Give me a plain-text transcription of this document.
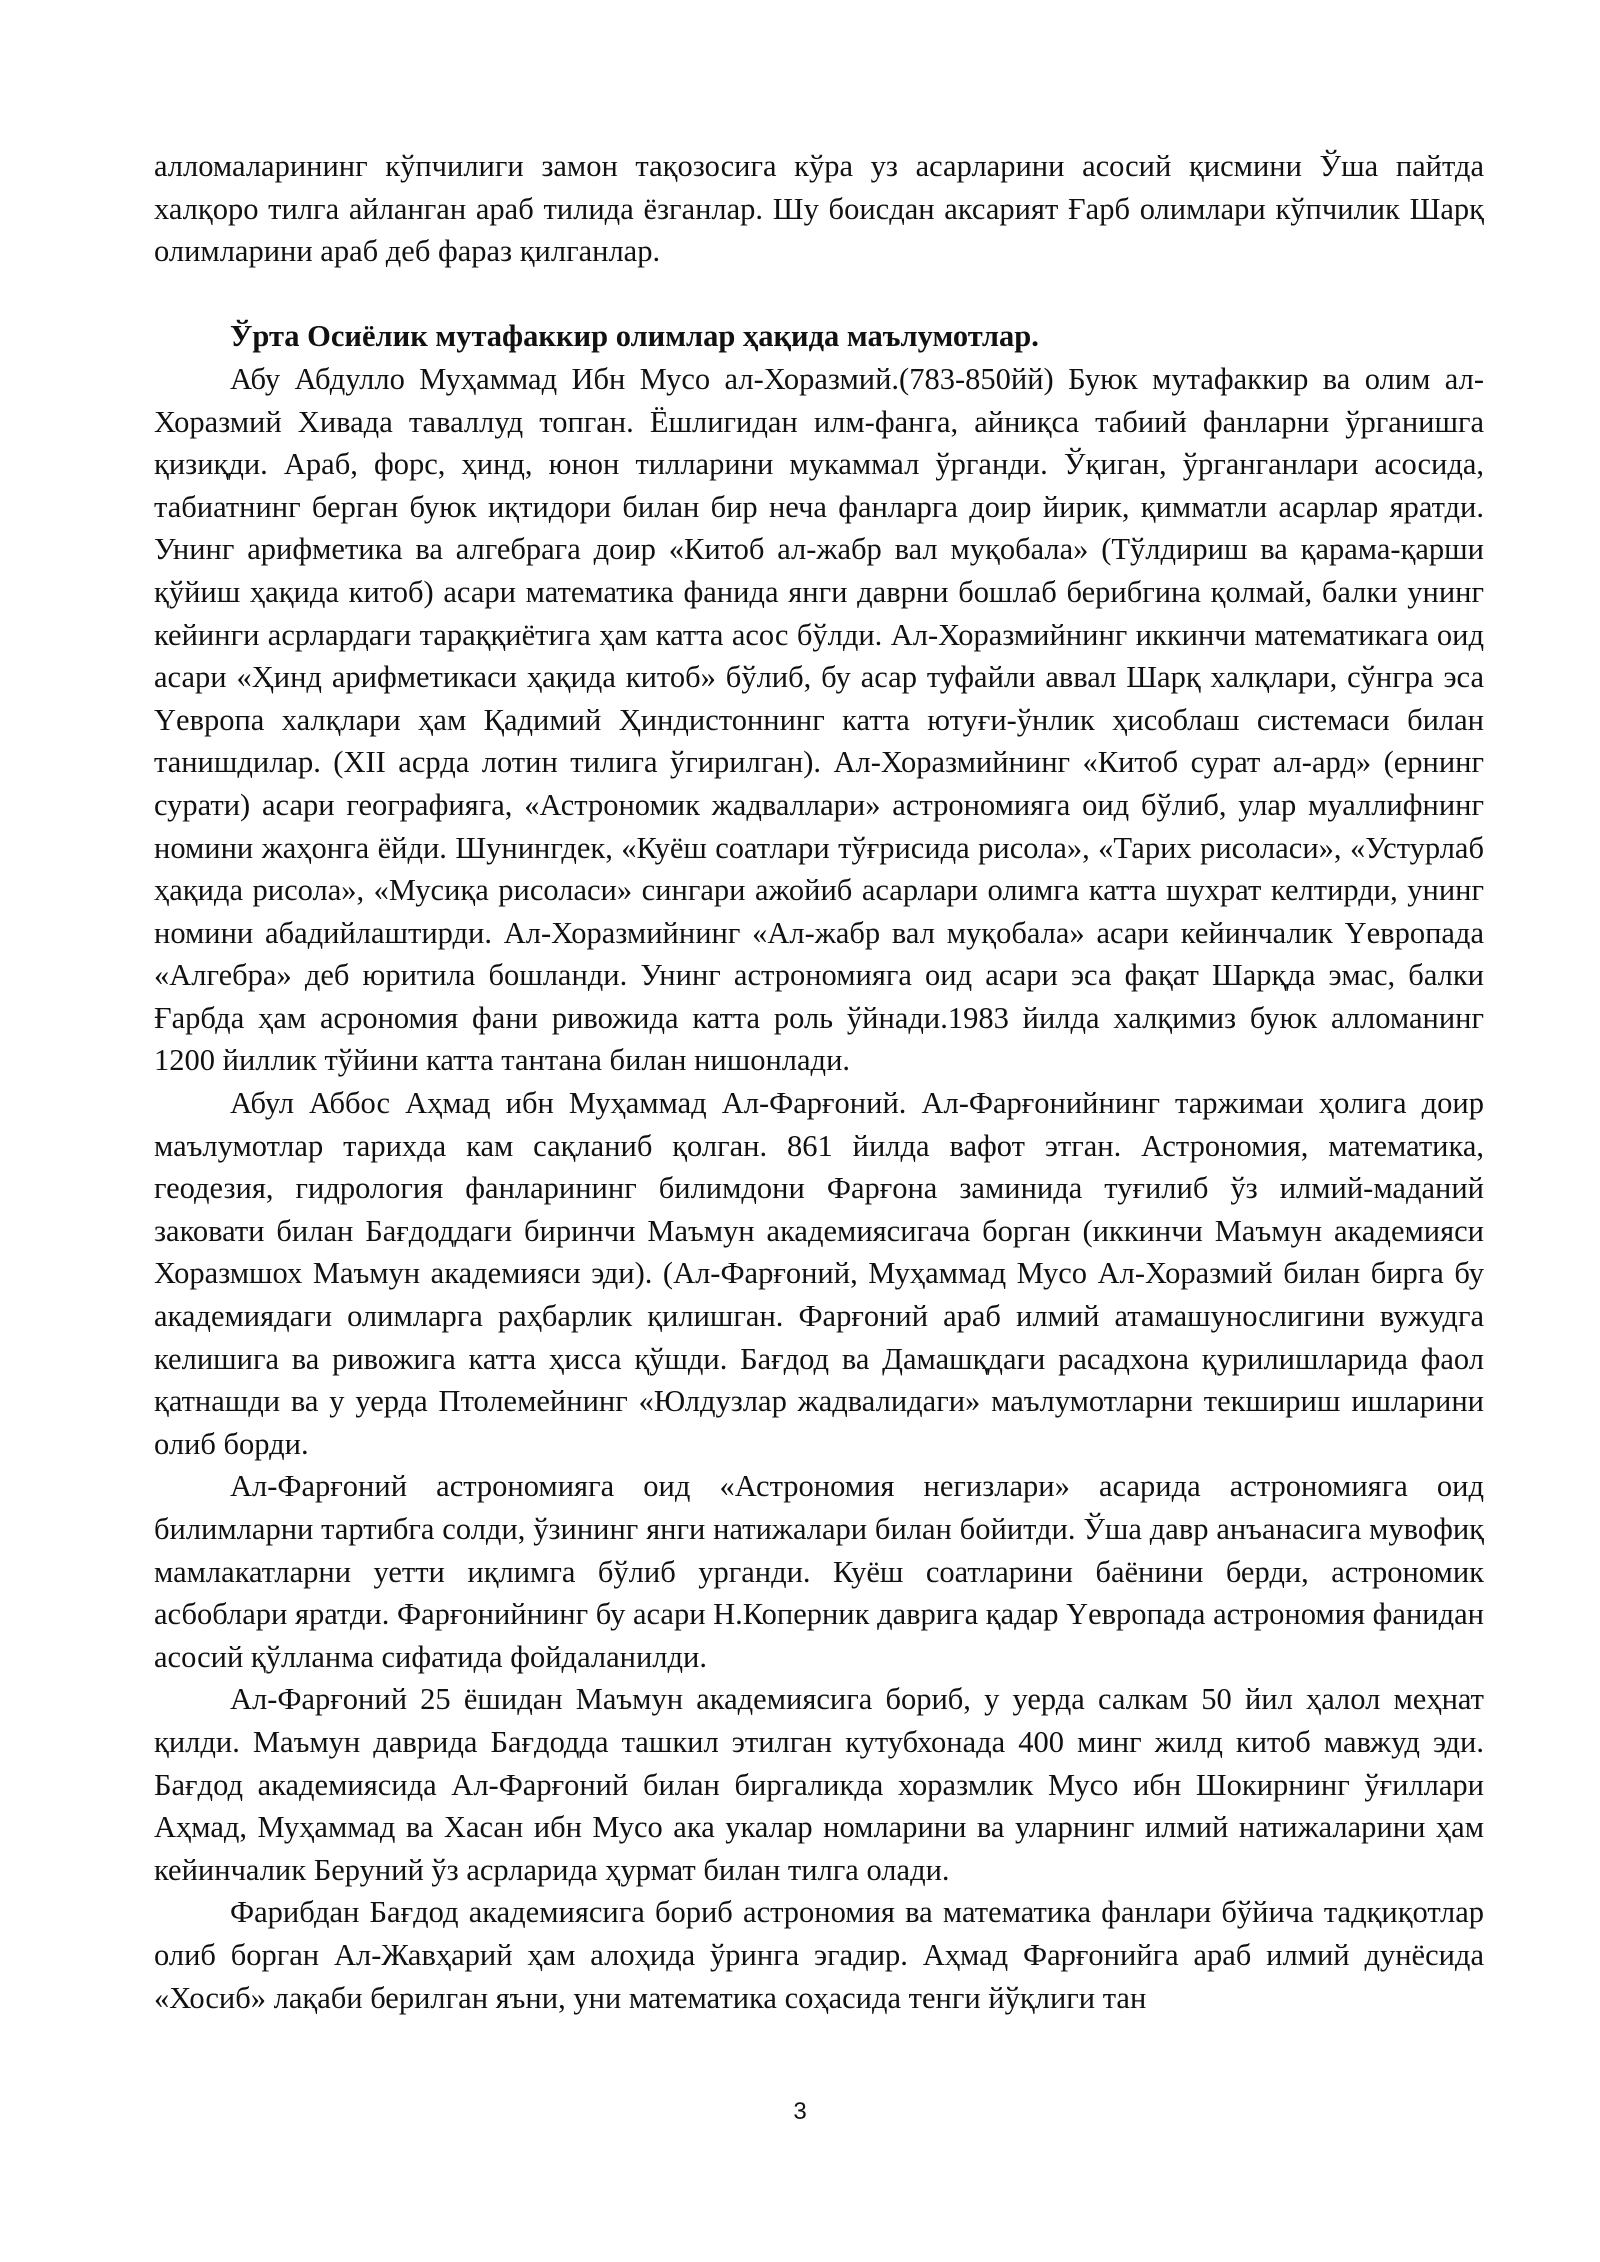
алломаларининг кўпчилиги замон тақозосига кўра уз асарларини асосий қисмини Ўша пайтда халқоро тилга айланган араб тилида ёзганлар. Шу боисдан аксарият Ғарб олимлари кўпчилик Шарқ олимларини араб деб фараз қилганлар.

Ўрта Осиёлик мутафаккир олимлар ҳақида маълумотлар.

Абу Абдулло Муҳаммад Ибн Мусо ал-Хоразмий.(783-850йй) Буюк мутафаккир ва олим ал-Хоразмий Хивада таваллуд топган. Ёшлигидан илм-фанга, айниқса табиий фанларни ўрганишга қизиқди. Араб, форс, ҳинд, юнон тилларини мукаммал ўрганди. Ўқиган, ўрганганлари асосида, табиатнинг берган буюк иқтидори билан бир неча фанларга доир йирик, қимматли асарлар яратди. Унинг арифметика ва алгебрага доир «Китоб ал-жабр вал муқобала» (Тўлдириш ва қарама-қарши қўйиш ҳақида китоб) асари математика фанида янги даврни бошлаб берибгина қолмай, балки унинг кейинги асрлардаги тараққиётига ҳам катта асос бўлди. Ал-Хоразмийнинг иккинчи математикага оид асари «Ҳинд арифметикаси ҳақида китоб» бўлиб, бу асар туфайли аввал Шарқ халқлари, сўнгра эса Үевропа халқлари ҳам Қадимий Ҳиндистоннинг катта ютуғи-ўнлик ҳисоблаш системаси билан танишдилар. (XII асрда лотин тилига ўгирилган). Ал-Хоразмийнинг «Китоб сурат ал-ард» (ернинг сурати) асари географияга, «Астрономик жадваллари» астрономияга оид бўлиб, улар муаллифнинг номини жаҳонга ёйди. Шунингдек, «Куёш соатлари тўғрисида рисола», «Тарих рисоласи», «Устурлаб ҳақида рисола», «Мусиқа рисоласи» сингари ажойиб асарлари олимга катта шухрат келтирди, унинг номини абадийлаштирди. Ал-Хоразмийнинг «Ал-жабр вал муқобала» асари кейинчалик Үевропада «Алгебра» деб юритила бошланди. Унинг астрономияга оид асари эса фақат Шарқда эмас, балки Ғарбда ҳам асрономия фани ривожида катта роль ўйнади.1983 йилда халқимиз буюк алломанинг 1200 йиллик тўйини катта тантана билан нишонлади.

Абул Аббос Аҳмад ибн Муҳаммад Ал-Фарғоний. Ал-Фарғонийнинг таржимаи ҳолига доир маълумотлар тарихда кам сақланиб қолган. 861 йилда вафот этган. Астрономия, математика, геодезия, гидрология фанларининг билимдони Фарғона заминида туғилиб ўз илмий-маданий заковати билан Бағдоддаги биринчи Маъмун академиясигача борган (иккинчи Маъмун академияси Хоразмшох Маъмун академияси эди). (Ал-Фарғоний, Муҳаммад Мусо Ал-Хоразмий билан бирга бу академиядаги олимларга раҳбарлик қилишган. Фарғоний араб илмий атамашунослигини вужудга келишига ва ривожига катта ҳисса қўшди. Бағдод ва Дамашқдаги расадхона қурилишларида фаол қатнашди ва у уерда Птолемейнинг «Юлдузлар жадвалидаги» маълумотларни текшириш ишларини олиб борди.

Ал-Фарғоний астрономияга оид «Астрономия негизлари» асарида астрономияга оид билимларни тартибга солди, ўзининг янги натижалари билан бойитди. Ўша давр анъанасига мувофиқ мамлакатларни уетти иқлимга бўлиб урганди. Куёш соатларини баёнини берди, астрономик асбоблари яратди. Фарғонийнинг бу асари Н.Коперник даврига қадар Үевропада астрономия фанидан асосий қўлланма сифатида фойдаланилди.

Ал-Фарғоний 25 ёшидан Маъмун академиясига бориб, у уерда салкам 50 йил ҳалол меҳнат қилди. Маъмун даврида Бағдодда ташкил этилган кутубхонада 400 минг жилд китоб мавжуд эди. Бағдод академиясида Ал-Фарғоний билан биргаликда хоразмлик Мусо ибн Шокирнинг ўғиллари Аҳмад, Муҳаммад ва Хасан ибн Мусо ака укалар номларини ва уларнинг илмий натижаларини ҳам кейинчалик Беруний ўз асрларида ҳурмат билан тилга олади.

Фарибдан Бағдод академиясига бориб астрономия ва математика фанлари бўйича тадқиқотлар олиб борган Ал-Жавҳарий ҳам алоҳида ўринга эгадир. Аҳмад Фарғонийга араб илмий дунёсида «Хосиб» лақаби берилган яъни, уни математика соҳасида тенги йўқлиги тан

3
